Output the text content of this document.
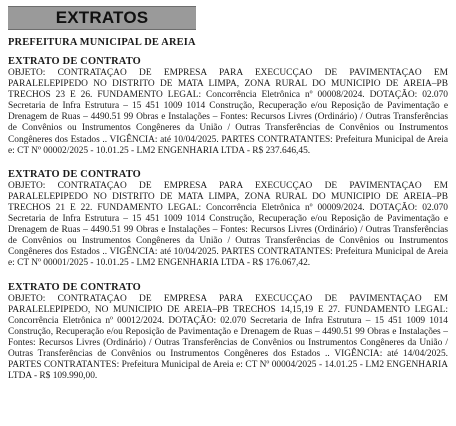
EXTRATOS
PREFEITURA MUNICIPAL DE AREIA
EXTRATO DE CONTRATO
OBJETO: CONTRATAÇAO DE EMPRESA PARA EXECUCÇAO DE PAVIMENTAÇAO EM PARALELEPIPEDO NO DISTRITO DE MATA LIMPA, ZONA RURAL DO MUNICIPIO DE AREIA–PB TRECHOS 23 E 26. FUNDAMENTO LEGAL: Concorrência Eletrônica nº 00008/2024. DOTAÇÃO: 02.070 Secretaria de Infra Estrutura – 15 451 1009 1014 Construção, Recuperação e/ou Reposição de Pavimentação e Drenagem de Ruas – 4490.51 99 Obras e Instalações – Fontes: Recursos Livres (Ordinário) / Outras Transferências de Convênios ou Instrumentos Congêneres da União / Outras Transferências de Convênios ou Instrumentos Congêneres dos Estados .. VIGÊNCIA: até 10/04/2025. PARTES CONTRATANTES: Prefeitura Municipal de Areia e: CT Nº 00002/2025 - 10.01.25 - LM2 ENGENHARIA LTDA - R$ 237.646,45.
EXTRATO DE CONTRATO
OBJETO: CONTRATAÇAO DE EMPRESA PARA EXECUCÇAO DE PAVIMENTAÇAO EM PARALELEPIPEDO NO DISTRITO DE MATA LIMPA, ZONA RURAL DO MUNICIPIO DE AREIA–PB TRECHOS 21 E 22. FUNDAMENTO LEGAL: Concorrência Eletrônica nº 00009/2024. DOTAÇÃO: 02.070 Secretaria de Infra Estrutura – 15 451 1009 1014 Construção, Recuperação e/ou Reposição de Pavimentação e Drenagem de Ruas – 4490.51 99 Obras e Instalações – Fontes: Recursos Livres (Ordinário) / Outras Transferências de Convênios ou Instrumentos Congêneres da União / Outras Transferências de Convênios ou Instrumentos Congêneres dos Estados .. VIGÊNCIA: até 10/04/2025. PARTES CONTRATANTES: Prefeitura Municipal de Areia e: CT Nº 00001/2025 - 10.01.25 - LM2 ENGENHARIA LTDA - R$ 176.067,42.
EXTRATO DE CONTRATO
OBJETO: CONTRATAÇAO DE EMPRESA PARA EXECUCÇAO DE PAVIMENTAÇAO EM PARALELEPIPEDO, NO MUNICIPIO DE AREIA–PB TRECHOS 14,15,19 E 27. FUNDAMENTO LEGAL: Concorrência Eletrônica nº 00012/2024. DOTAÇÃO: 02.070 Secretaria de Infra Estrutura – 15 451 1009 1014 Construção, Recuperação e/ou Reposição de Pavimentação e Drenagem de Ruas – 4490.51 99 Obras e Instalações – Fontes: Recursos Livres (Ordinário) / Outras Transferências de Convênios ou Instrumentos Congêneres da União / Outras Transferências de Convênios ou Instrumentos Congêneres dos Estados .. VIGÊNCIA: até 14/04/2025. PARTES CONTRATANTES: Prefeitura Municipal de Areia e: CT Nº 00004/2025 - 14.01.25 - LM2 ENGENHARIA LTDA - R$ 109.990,00.
